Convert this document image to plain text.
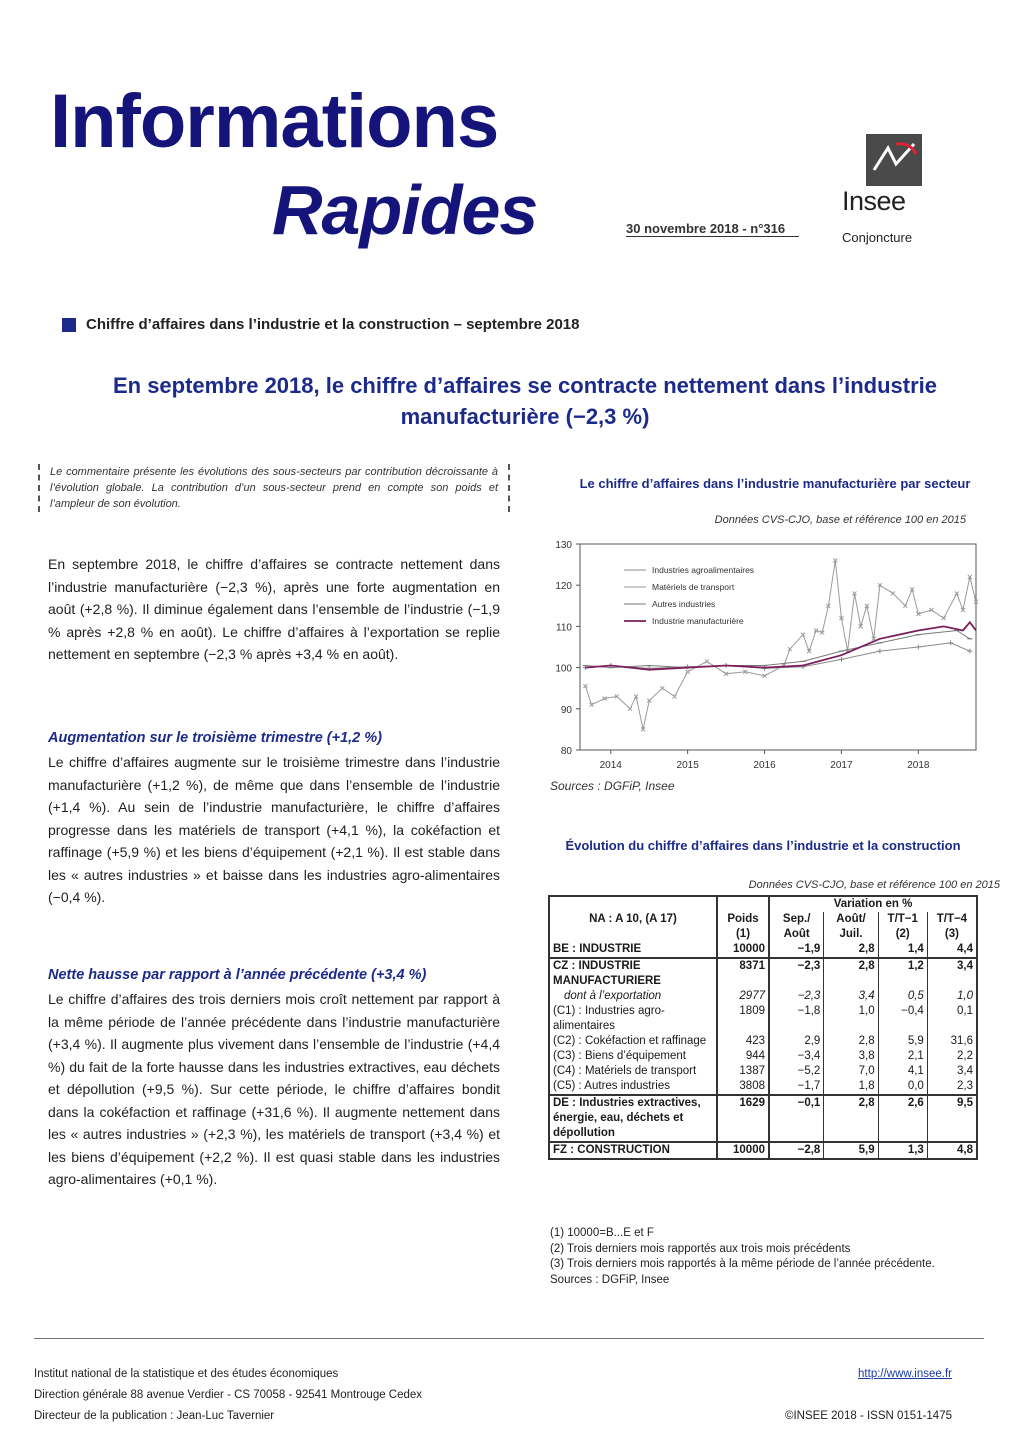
Informations
Rapides	30 novembre 2018 - n°316
Insee
Conjoncture
Chiffre d’affaires dans l’industrie et la construction – septembre 2018
En septembre 2018, le chiffre d’affaires se contracte nettement dans l’industrie manufacturière (−2,3 %)
Le commentaire présente les évolutions des sous-secteurs par contribution décroissante à l’évolution globale. La contribution d’un sous-secteur prend en compte son poids et l’ampleur de son évolution.
En septembre 2018, le chiffre d’affaires se contracte nettement dans l’industrie manufacturière (−2,3 %), après une forte augmentation en août (+2,8 %). Il diminue également dans l’ensemble de l’industrie (−1,9 % après +2,8 % en août). Le chiffre d’affaires à l’exportation se replie nettement en septembre (−2,3 % après +3,4 % en août).
Augmentation sur le troisième trimestre (+1,2 %)
Le chiffre d’affaires augmente sur le troisième trimestre dans l’industrie manufacturière (+1,2 %), de même que dans l’ensemble de l’industrie (+1,4 %). Au sein de l’industrie manufacturière, le chiffre d’affaires progresse dans les matériels de transport (+4,1 %), la cokéfaction et raffinage (+5,9 %) et les biens d’équipement (+2,1 %). Il est stable dans les « autres industries » et baisse dans les industries agro-alimentaires (−0,4 %).
Nette hausse par rapport à l’année précédente (+3,4 %)
Le chiffre d’affaires des trois derniers mois croît nettement par rapport à la même période de l’année précédente dans l’industrie manufacturière (+3,4 %). Il augmente plus vivement dans l’ensemble de l’industrie (+4,4 %) du fait de la forte hausse dans les industries extractives, eau déchets et dépollution (+9,5 %). Sur cette période, le chiffre d’affaires bondit dans la cokéfaction et raffinage (+31,6 %). Il augmente nettement dans les « autres industries » (+2,3 %), les matériels de transport (+3,4 %) et les biens d’équipement (+2,2 %). Il est quasi stable dans les industries agro-alimentaires (+0,1 %).
Le chiffre d’affaires dans l’industrie manufacturière par secteur
Données CVS-CJO, base et référence 100 en 2015
80
90
100
110
120
130
2014	2015	2016	2017	2018
Industries agroalimentaires
Matériels de transport
Autres industries
Industrie manufacturière
Sources : DGFiP, Insee
Évolution du chiffre d’affaires dans l’industrie et la construction
Données CVS-CJO, base et référence 100 en 2015
NA : A 10, (A 17)	Poids (1)	Variation en %			
		Sep./ Août	Août/ Juil.	T/T−1 (2)	T/T−4 (3)
BE : INDUSTRIE	10000	−1,9	2,8	1,4	4,4
CZ : INDUSTRIE MANUFACTURIERE	8371	−2,3	2,8	1,2	3,4
dont à l’exportation	2977	−2,3	3,4	0,5	1,0
(C1) : Industries agro-alimentaires	1809	−1,8	1,0	−0,4	0,1
(C2) : Cokéfaction et raffinage	423	2,9	2,8	5,9	31,6
(C3) : Biens d’équipement	944	−3,4	3,8	2,1	2,2
(C4) : Matériels de transport	1387	−5,2	7,0	4,1	3,4
(C5) : Autres industries	3808	−1,7	1,8	0,0	2,3
DE : Industries extractives, énergie, eau, déchets et dépollution	1629	−0,1	2,8	2,6	9,5
FZ : CONSTRUCTION	10000	−2,8	5,9	1,3	4,8
(1) 10000=B...E et F
(2) Trois derniers mois rapportés aux trois mois précédents
(3) Trois derniers mois rapportés à la même période de l’année précédente.
Sources : DGFiP, Insee
Institut national de la statistique et des études économiques
Direction générale 88 avenue Verdier - CS 70058 - 92541 Montrouge Cedex
Directeur de la publication : Jean-Luc Tavernier
http://www.insee.fr

©INSEE 2018 - ISSN 0151-1475
